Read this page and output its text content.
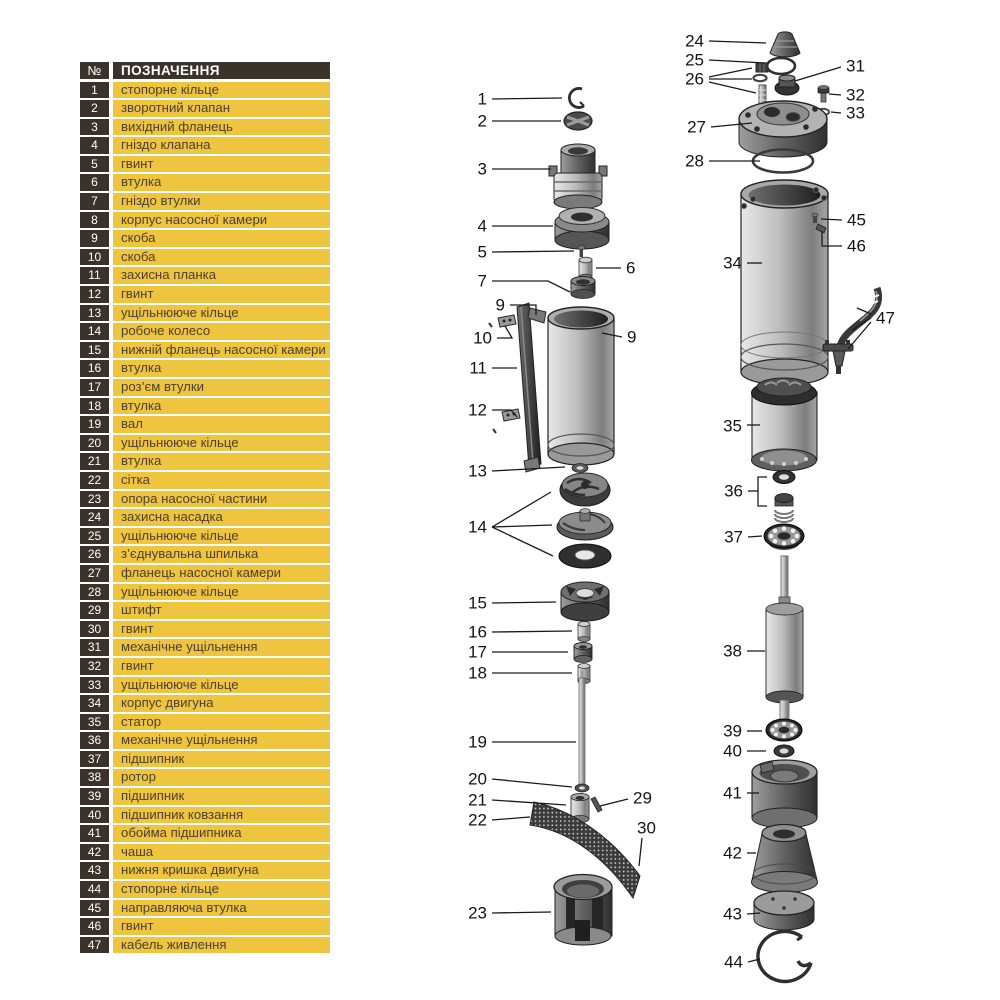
№	ПОЗНАЧЕННЯ
1	стопорне кільце
2	зворотний клапан
3	вихідний фланець
4	гніздо клапана
5	гвинт
6	втулка
7	гніздо втулки
8	корпус насосної камери
9	скоба
10	скоба
11	захисна планка
12	гвинт
13	ущільнююче кільце
14	робоче колесо
15	нижній фланець насосної камери
16	втулка
17	роз’єм втулки
18	втулка
19	вал
20	ущільнююче кільце
21	втулка
22	сітка
23	опора насосної частини
24	захисна насадка
25	ущільнююче кільце
26	з’єднувальна шпилька
27	фланець насосної камери
28	ущільнююче кільце
29	штифт
30	гвинт
31	механічне ущільнення
32	гвинт
33	ущільнююче кільце
34	корпус двигуна
35	статор
36	механічне ущільнення
37	підшипник
38	ротор
39	підшипник
40	підшипник ковзання
41	обойма підшипника
42	чаша
43	нижня кришка двигуна
44	стопорне кільце
45	направляюча втулка
46	гвинт
47	кабель живлення
1
2
3
4
5
6
7
9
9
10
11
12
13
14
15
16
17
18
19
20
21
22
29
30
23
24
25
26
31
32
33
27
28
34
45
46
47
35
36
37
38
39
40
41
42
43
44
